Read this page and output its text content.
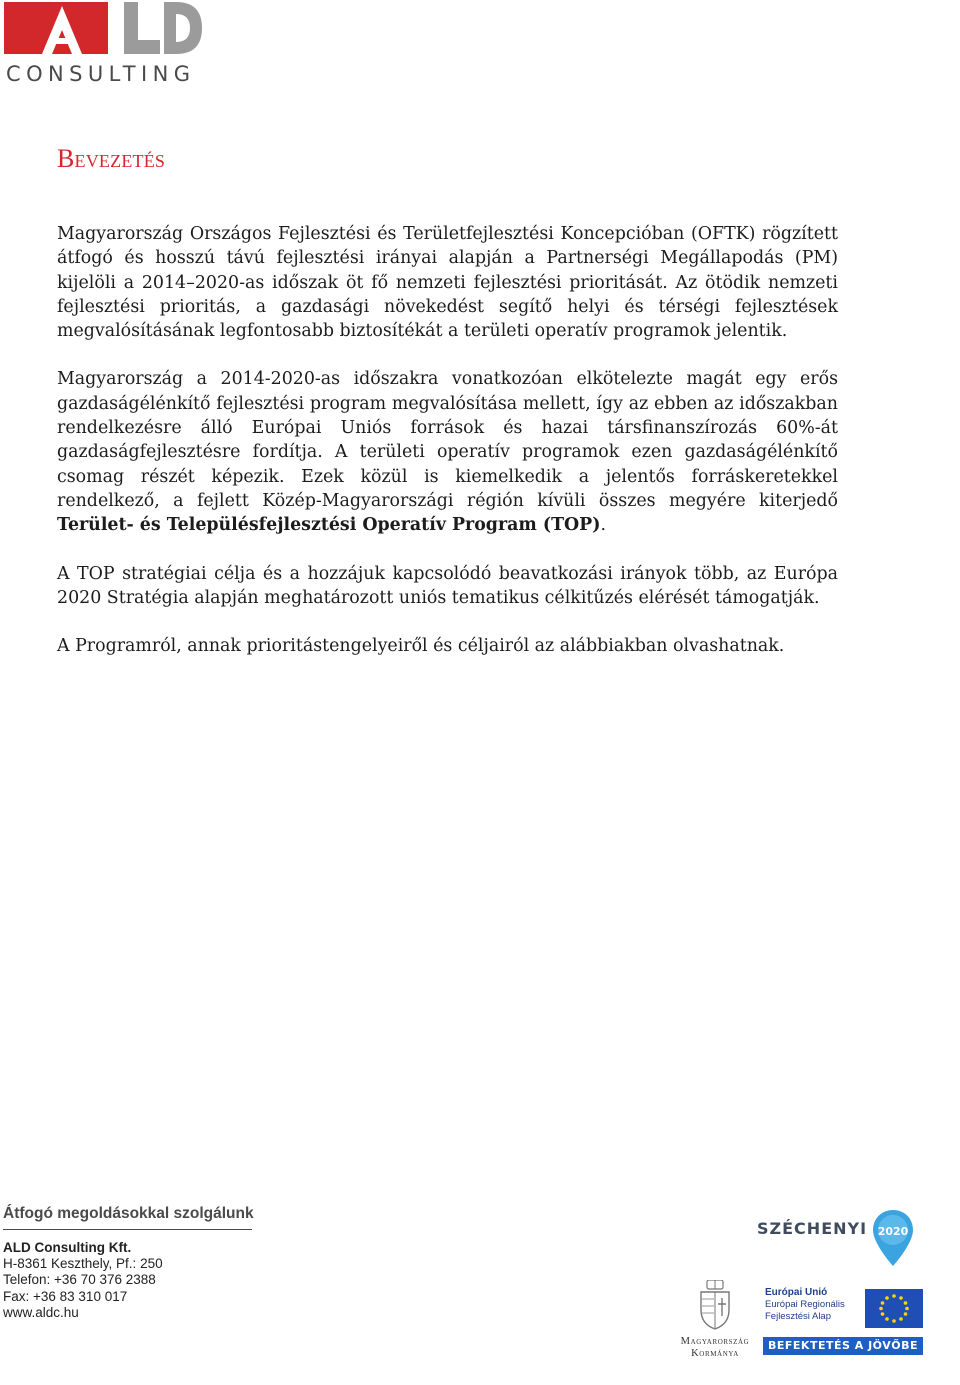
CONSULTING
Bevezetés

Magyarország Országos Fejlesztési és Területfejlesztési Koncepcióban (OFTK) rögzített átfogó és hosszú távú fejlesztési irányai alapján a Partnerségi Megállapodás (PM) kijelöli a 2014–2020-as időszak öt fő nemzeti fejlesztési prioritását. Az ötödik nemzeti fejlesztési prioritás, a gazdasági növekedést segítő helyi és térségi fejlesztések megvalósításának legfontosabb biztosítékát a területi operatív programok jelentik.

Magyarország a 2014-2020-as időszakra vonatkozóan elkötelezte magát egy erős gazdaságélénkítő fejlesztési program megvalósítása mellett, így az ebben az időszakban rendelkezésre álló Európai Uniós források és hazai társfinanszírozás 60%-át gazdaságfejlesztésre fordítja. A területi operatív programok ezen gazdaságélénkítő csomag részét képezik. Ezek közül is kiemelkedik a jelentős forráskeretekkel rendelkező, a fejlett Közép-Magyarországi régión kívüli összes megyére kiterjedő Terület- és Településfejlesztési Operatív Program (TOP).

A TOP stratégiai célja és a hozzájuk kapcsolódó beavatkozási irányok több, az Európa 2020 Stratégia alapján meghatározott uniós tematikus célkitűzés elérését támogatják.

A Programról, annak prioritástengelyeiről és céljairól az alábbiakban olvashatnak.

Átfogó megoldásokkal szolgálunk
ALD Consulting Kft.
H-8361 Keszthely, Pf.: 250
Telefon: +36 70 376 2388
Fax: +36 83 310 017
www.aldc.hu
SZÉCHENYI 2020
Magyarország
Kormánya
Európai Unió
Európai Regionális
Fejlesztési Alap
BEFEKTETÉS A JÖVŐBE
